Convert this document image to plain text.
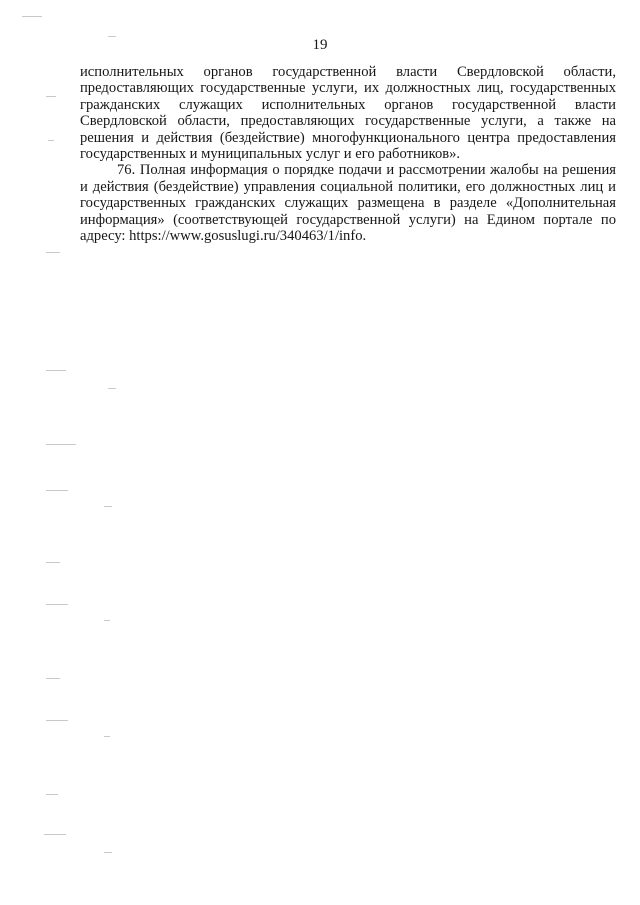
19

исполнительных органов государственной власти Свердловской области, предоставляющих государственные услуги, их должностных лиц, государственных гражданских служащих исполнительных органов государственной власти Свердловской области, предоставляющих государственные услуги, а также на решения и действия (бездействие) многофункционального центра предоставления государственных и муниципальных услуг и его работников».

76. Полная информация о порядке подачи и рассмотрении жалобы на решения и действия (бездействие) управления социальной политики, его должностных лиц и государственных гражданских служащих размещена в разделе «Дополнительная информация» (соответствующей государственной услуги) на Едином портале по адресу: https://www.gosuslugi.ru/340463/1/info.
